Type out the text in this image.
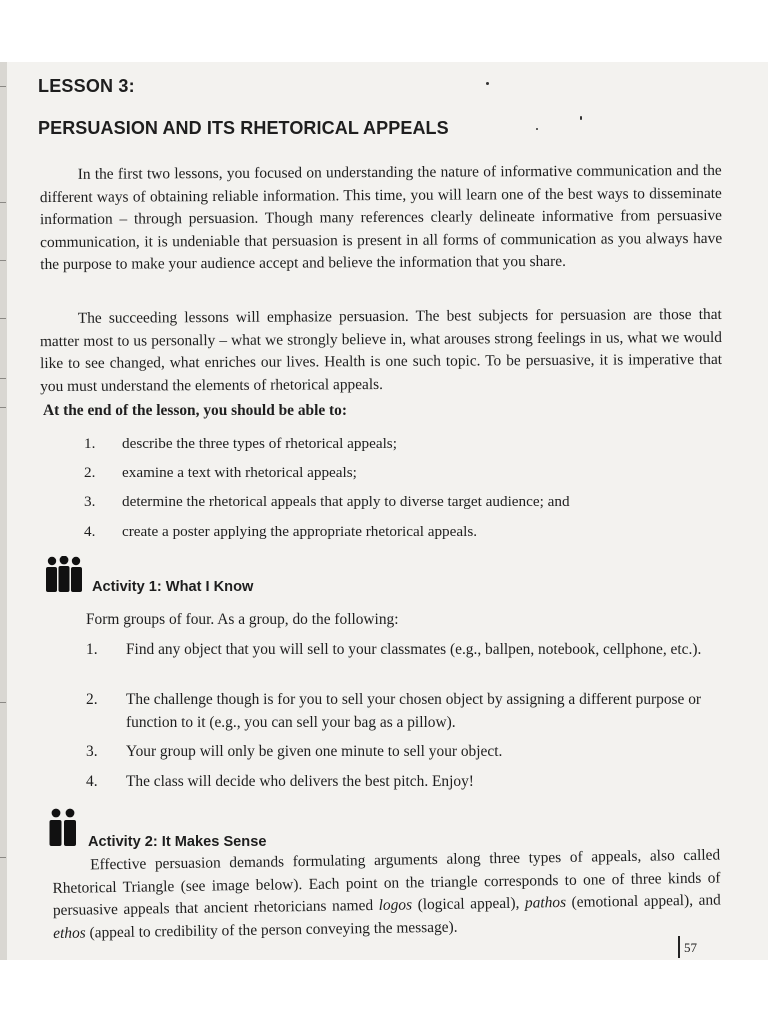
LESSON 3:
PERSUASION AND ITS RHETORICAL APPEALS
In the first two lessons, you focused on understanding the nature of informative communication and the different ways of obtaining reliable information. This time, you will learn one of the best ways to disseminate information – through persuasion. Though many references clearly delineate informative from persuasive communication, it is undeniable that persuasion is present in all forms of communication as you always have the purpose to make your audience accept and believe the information that you share.
The succeeding lessons will emphasize persuasion. The best subjects for persuasion are those that matter most to us personally – what we strongly believe in, what arouses strong feelings in us, what we would like to see changed, what enriches our lives. Health is one such topic. To be persuasive, it is imperative that you must understand the elements of rhetorical appeals.
At the end of the lesson, you should be able to:
1.	describe the three types of rhetorical appeals;
2.	examine a text with rhetorical appeals;
3.	determine the rhetorical appeals that apply to diverse target audience; and
4.	create a poster applying the appropriate rhetorical appeals.
Activity 1: What I Know
Form groups of four. As a group, do the following:
1. Find any object that you will sell to your classmates (e.g., ballpen, notebook, cellphone, etc.).
2. The challenge though is for you to sell your chosen object by assigning a different purpose or function to it (e.g., you can sell your bag as a pillow).
3. Your group will only be given one minute to sell your object.
4. The class will decide who delivers the best pitch. Enjoy!
Activity 2: It Makes Sense
Effective persuasion demands formulating arguments along three types of appeals, also called Rhetorical Triangle (see image below). Each point on the triangle corresponds to one of three kinds of persuasive appeals that ancient rhetoricians named logos (logical appeal), pathos (emotional appeal), and ethos (appeal to credibility of the person conveying the message).
57
